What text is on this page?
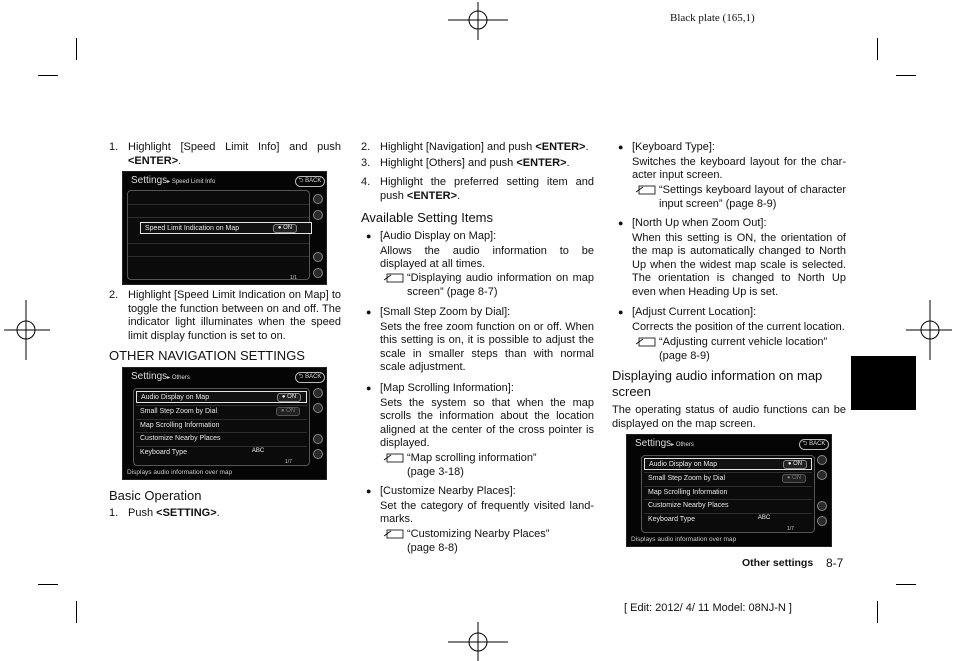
Black plate (165,1)
1. Highlight [Speed Limit Info] and push <ENTER>.
Settings▸ Speed Limit Info	⮌ BACK
Speed Limit Indication on Map	● ON
1/1
2. Highlight [Speed Limit Indication on Map] to toggle the function between on and off. The indicator light illuminates when the speed limit display function is set to on.
OTHER NAVIGATION SETTINGS
Settings▸ Others	⮌ BACK
Audio Display on Map	● ON
Small Step Zoom by Dial	● ON
Map Scrolling Information
Customize Nearby Places
Keyboard Type	ABC
1/7
Displays audio information over map
Basic Operation
1. Push <SETTING>.
2. Highlight [Navigation] and push <ENTER>.
3. Highlight [Others] and push <ENTER>.
4. Highlight the preferred setting item and push <ENTER>.
Available Setting Items
● [Audio Display on Map]:
Allows the audio information to be displayed at all times.
“Displaying audio information on map screen” (page 8-7)
● [Small Step Zoom by Dial]:
Sets the free zoom function on or off. When this setting is on, it is possible to adjust the scale in smaller steps than with normal scale adjustment.
● [Map Scrolling Information]:
Sets the system so that when the map scrolls the information about the location aligned at the center of the cross pointer is displayed.
“Map scrolling information” (page 3-18)
● [Customize Nearby Places]:
Set the category of frequently visited land- marks.
“Customizing Nearby Places” (page 8-8)
● [Keyboard Type]:
Switches the keyboard layout for the char- acter input screen.
“Settings keyboard layout of character input screen” (page 8-9)
● [North Up when Zoom Out]:
When this setting is ON, the orientation of the map is automatically changed to North Up when the widest map scale is selected. The orientation is changed to North Up even when Heading Up is set.
● [Adjust Current Location]:
Corrects the position of the current location.
“Adjusting current vehicle location” (page 8-9)
Displaying audio information on map screen
The operating status of audio functions can be displayed on the map screen.
Settings▸ Others	⮌ BACK
Audio Display on Map	● ON
Small Step Zoom by Dial	● ON
Map Scrolling Information
Customize Nearby Places
Keyboard Type	ABC
1/7
Displays audio information over map
Other settings 8-7
[ Edit: 2012/ 4/ 11 Model: 08NJ-N ]
